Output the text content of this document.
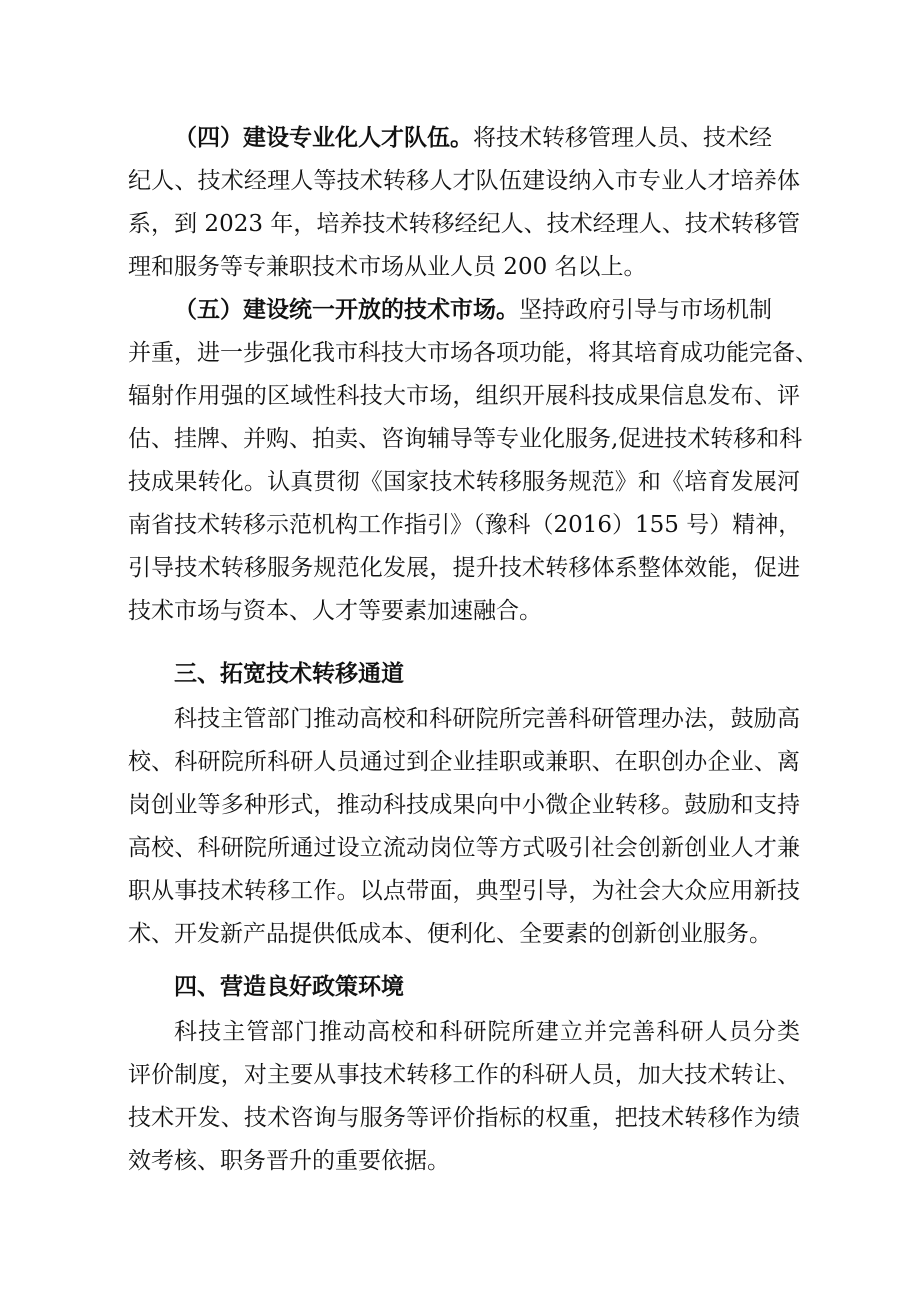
（四）建设专业化人才队伍。将技术转移管理人员、技术经
纪人、技术经理人等技术转移人才队伍建设纳入市专业人才培养体
系，到 2023 年，培养技术转移经纪人、技术经理人、技术转移管
理和服务等专兼职技术市场从业人员 200 名以上。
（五）建设统一开放的技术市场。坚持政府引导与市场机制
并重，进一步强化我市科技大市场各项功能，将其培育成功能完备、
辐射作用强的区域性科技大市场，组织开展科技成果信息发布、评
估、挂牌、并购、拍卖、咨询辅导等专业化服务,促进技术转移和科
技成果转化。认真贯彻《国家技术转移服务规范》和《培育发展河
南省技术转移示范机构工作指引》（豫科（2016）155 号）精神，
引导技术转移服务规范化发展，提升技术转移体系整体效能，促进
技术市场与资本、人才等要素加速融合。
三、拓宽技术转移通道
科技主管部门推动高校和科研院所完善科研管理办法，鼓励高
校、科研院所科研人员通过到企业挂职或兼职、在职创办企业、离
岗创业等多种形式，推动科技成果向中小微企业转移。鼓励和支持
高校、科研院所通过设立流动岗位等方式吸引社会创新创业人才兼
职从事技术转移工作。以点带面，典型引导，为社会大众应用新技
术、开发新产品提供低成本、便利化、全要素的创新创业服务。
四、营造良好政策环境
科技主管部门推动高校和科研院所建立并完善科研人员分类
评价制度，对主要从事技术转移工作的科研人员，加大技术转让、
技术开发、技术咨询与服务等评价指标的权重，把技术转移作为绩
效考核、职务晋升的重要依据。
